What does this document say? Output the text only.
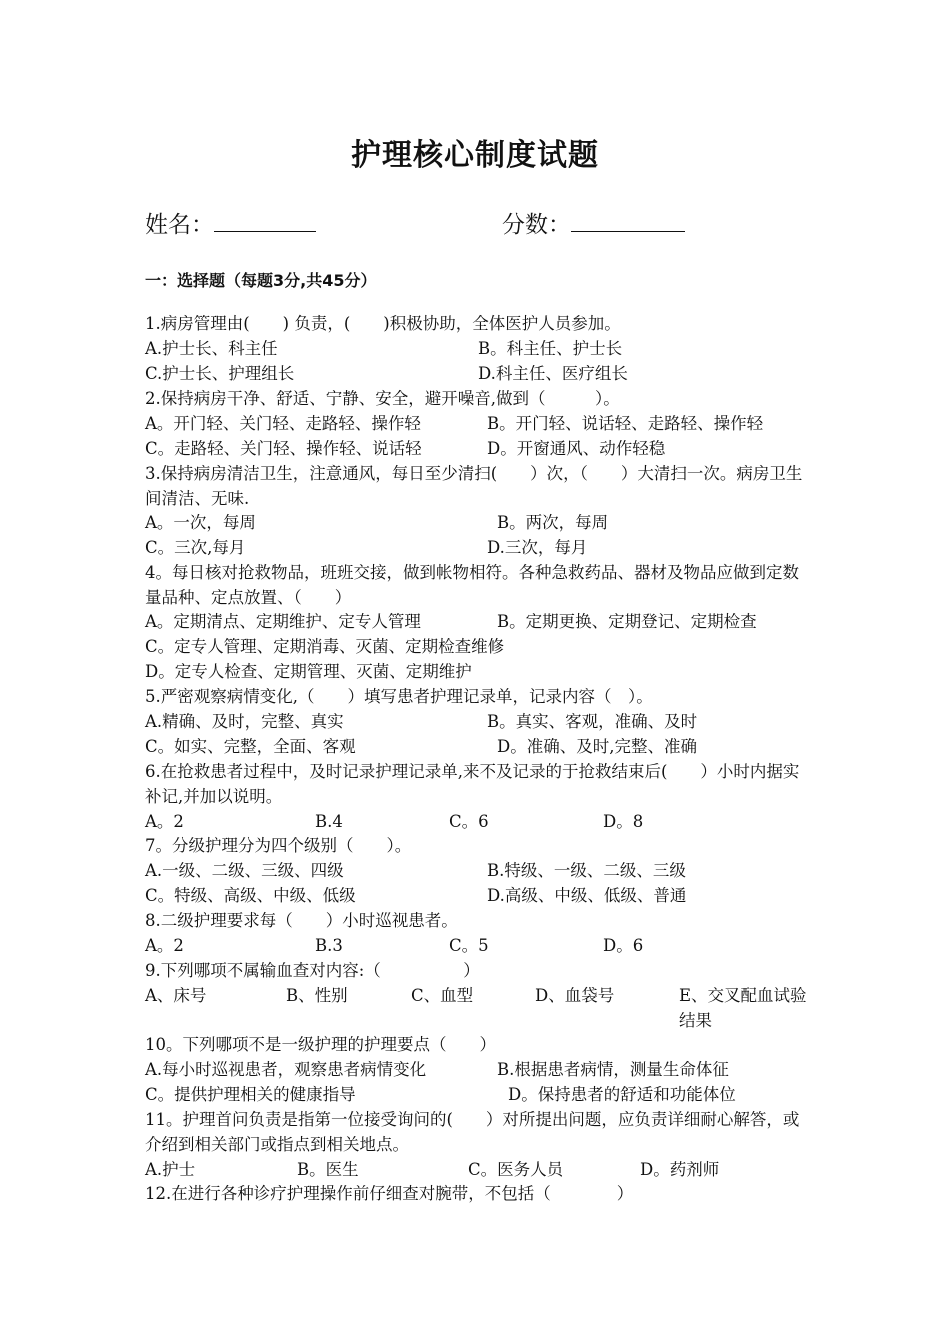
护理核心制度试题
姓名：	分数：
一：选择题（每题3分,共45分）
1.病房管理由(　　) 负责，(　　)积极协助，全体医护人员参加。
A.护士长、科主任	B。科主任、护士长
C.护士长、护理组长	D.科主任、医疗组长
2.保持病房干净、舒适、宁静、安全，避开噪音,做到（　　　）。
A。开门轻、关门轻、走路轻、操作轻	B。开门轻、说话轻、走路轻、操作轻
C。走路轻、关门轻、操作轻、说话轻	D。开窗通风、动作轻稳
3.保持病房清洁卫生，注意通风，每日至少清扫(　　）次，（　　）大清扫一次。病房卫生间清洁、无味.
A。一次，每周	B。两次，每周
C。三次,每月	D.三次，每月
4。每日核对抢救物品，班班交接，做到帐物相符。各种急救药品、器材及物品应做到定数量品种、定点放置、（　　）
A。定期清点、定期维护、定专人管理	B。定期更换、定期登记、定期检查
C。定专人管理、定期消毒、灭菌、定期检查维修
D。定专人检查、定期管理、灭菌、定期维护
5.严密观察病情变化,（　　）填写患者护理记录单，记录内容（　）。
A.精确、及时，完整、真实	B。真实、客观，准确、及时
C。如实、完整，全面、客观	D。准确、及时,完整、准确
6.在抢救患者过程中，及时记录护理记录单,来不及记录的于抢救结束后(　　）小时内据实补记,并加以说明。
A。2	B.4	C。6	D。8
7。分级护理分为四个级别（　　）。
A.一级、二级、三级、四级	B.特级、一级、二级、三级
C。特级、高级、中级、低级	D.高级、中级、低级、普通
8.二级护理要求每（　　）小时巡视患者。
A。2	B.3	C。5	D。6
9.下列哪项不属输血查对内容:（　　　　　）
A、床号	B、性别	C、血型	D、血袋号	E、交叉配血试验结果
10。下列哪项不是一级护理的护理要点（　　）
A.每小时巡视患者，观察患者病情变化	B.根据患者病情，测量生命体征
C。提供护理相关的健康指导	D。保持患者的舒适和功能体位
11。护理首问负责是指第一位接受询问的(　　）对所提出问题，应负责详细耐心解答，或介绍到相关部门或指点到相关地点。
A.护士	B。医生	C。医务人员	D。药剂师
12.在进行各种诊疗护理操作前仔细查对腕带，不包括（　　　　）
